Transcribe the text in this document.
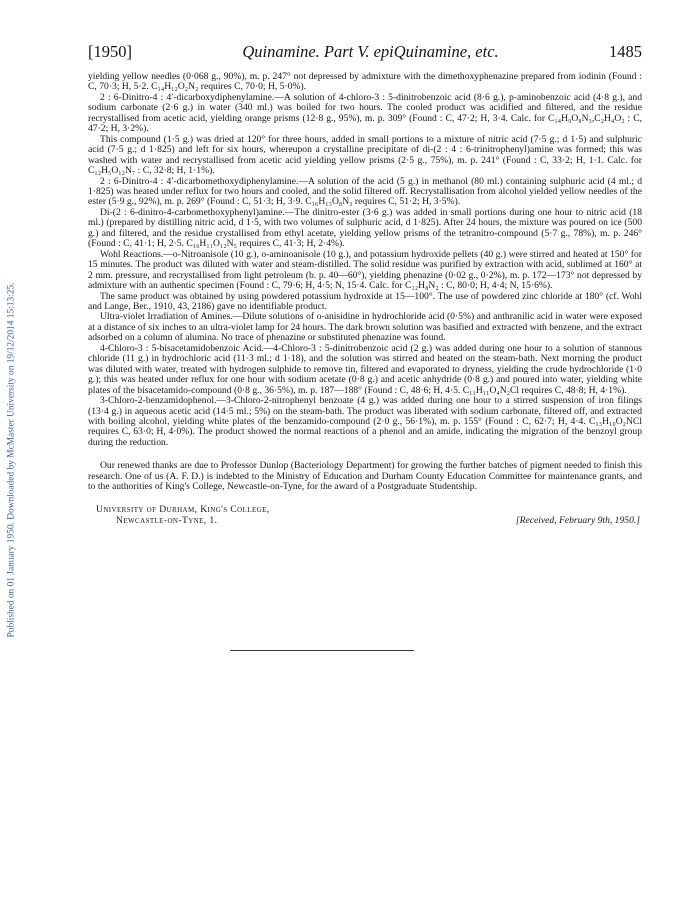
Published on 01 January 1950. Downloaded by McMaster University on 19/12/2014 15:13:25.
[1950]	Quinamine. Part V. epiQuinamine, etc.	1485

yielding yellow needles (0·068 g., 90%), m. p. 247° not depressed by admixture with the dimethoxyphenazine prepared from iodinin (Found : C, 70·3; H, 5·2. C₁₄H₁₂O₂N₂ requires C, 70·0; H, 5·0%).

2 : 6-Dinitro-4 : 4′-dicarboxydiphenylamine.—A solution of 4-chloro-3 : 5-dinitrobenzoic acid (8·6 g.), p-aminobenzoic acid (4·8 g.), and sodium carbonate (2·6 g.) in water (340 ml.) was boiled for two hours. The cooled product was acidified and filtered, and the residue recrystallised from acetic acid, yielding orange prisms (12·8 g., 95%), m. p. 309° (Found : C, 47·2; H, 3·4. Calc. for C₁₄H₉O₈N₃,C₂H₄O₂ : C, 47·2; H, 3·2%).

This compound (1·5 g.) was dried at 120° for three hours, added in small portions to a mixture of nitric acid (7·5 g.; d 1·5) and sulphuric acid (7·5 g.; d 1·825) and left for six hours, whereupon a crystalline precipitate of di-(2 : 4 : 6-trinitrophenyl)amine was formed; this was washed with water and recrystallised from acetic acid yielding yellow prisms (2·5 g., 75%), m. p. 241° (Found : C, 33·2; H, 1·1. Calc. for C₁₂H₅O₁₂N₇ : C, 32·8; H, 1·1%).

2 : 6-Dinitro-4 : 4′-dicarbomethoxydiphenylamine.—A solution of the acid (5 g.) in methanol (80 ml.) containing sulphuric acid (4 ml.; d 1·825) was heated under reflux for two hours and cooled, and the solid filtered off. Recrystallisation from alcohol yielded yellow needles of the ester (5·9 g., 92%), m. p. 269° (Found : C, 51·3; H, 3·9. C₁₆H₁₃O₈N₃ requires C, 51·2; H, 3·5%).

Di-(2 : 6-dinitro-4-carbomethoxyphenyl)amine.—The dinitro-ester (3·6 g.) was added in small portions during one hour to nitric acid (18 ml.) (prepared by distilling nitric acid, d 1·5, with two volumes of sulphuric acid, d 1·825). After 24 hours, the mixture was poured on ice (500 g.) and filtered, and the residue crystallised from ethyl acetate, yielding yellow prisms of the tetranitro-compound (5·7 g., 78%), m. p. 246° (Found : C, 41·1; H, 2·5. C₁₆H₁₁O₁₂N₅ requires C, 41·3; H, 2·4%).

Wohl Reactions.—o-Nitroanisole (10 g.), o-aminoanisole (10 g.), and potassium hydroxide pellets (40 g.) were stirred and heated at 150° for 15 minutes. The product was diluted with water and steam-distilled. The solid residue was purified by extraction with acid, sublimed at 160° at 2 mm. pressure, and recrystallised from light petroleum (b. p. 40—60°), yielding phenazine (0·02 g., 0·2%), m. p. 172—173° not depressed by admixture with an authentic specimen (Found : C, 79·6; H, 4·5; N, 15·4. Calc. for C₁₂H₈N₂ : C, 80·0; H, 4·4; N, 15·6%).

The same product was obtained by using powdered potassium hydroxide at 15—100°. The use of powdered zinc chloride at 180° (cf. Wohl and Lange, Ber., 1910, 43, 2186) gave no identifiable product.

Ultra-violet Irradiation of Amines.—Dilute solutions of o-anisidine in hydrochloride acid (0·5%) and anthranilic acid in water were exposed at a distance of six inches to an ultra-violet lamp for 24 hours. The dark brown solution was basified and extracted with benzene, and the extract adsorbed on a column of alumina. No trace of phenazine or substituted phenazine was found.

4-Chloro-3 : 5-bisacetamidobenzoic Acid.—4-Chloro-3 : 5-dinitrobenzoic acid (2 g.) was added during one hour to a solution of stannous chloride (11 g.) in hydrochloric acid (11·3 ml.; d 1·18), and the solution was stirred and heated on the steam-bath. Next morning the product was diluted with water, treated with hydrogen sulphide to remove tin, filtered and evaporated to dryness, yielding the crude hydrochloride (1·0 g.); this was heated under reflux for one hour with sodium acetate (0·8 g.) and acetic anhydride (0·8 g.) and poured into water, yielding white plates of the bisacetamido-compound (0·8 g., 36·5%), m. p. 187—188° (Found : C, 48·6; H, 4·5. C₁₁H₁₁O₄N₂Cl requires C, 48·8; H, 4·1%).

3-Chloro-2-benzamidophenol.—3-Chloro-2-nitrophenyl benzoate (4 g.) was added during one hour to a stirred suspension of iron filings (13·4 g.) in aqueous acetic acid (14·5 ml.; 5%) on the steam-bath. The product was liberated with sodium carbonate, filtered off, and extracted with boiling alcohol, yielding white plates of the benzamido-compound (2·0 g., 56·1%), m. p. 155° (Found : C, 62·7; H, 4·4. C₁₃H₁₀O₂NCl requires C, 63·0; H, 4·0%). The product showed the normal reactions of a phenol and an amide, indicating the migration of the benzoyl group during the reduction.

Our renewed thanks are due to Professor Dunlop (Bacteriology Department) for growing the further batches of pigment needed to finish this research. One of us (A. F. D.) is indebted to the Ministry of Education and Durham County Education Committee for maintenance grants, and to the authorities of King's College, Newcastle-on-Tyne, for the award of a Postgraduate Studentship.

University of Durham, King's College,
Newcastle-on-Tyne, 1.	[Received, February 9th, 1950.]
